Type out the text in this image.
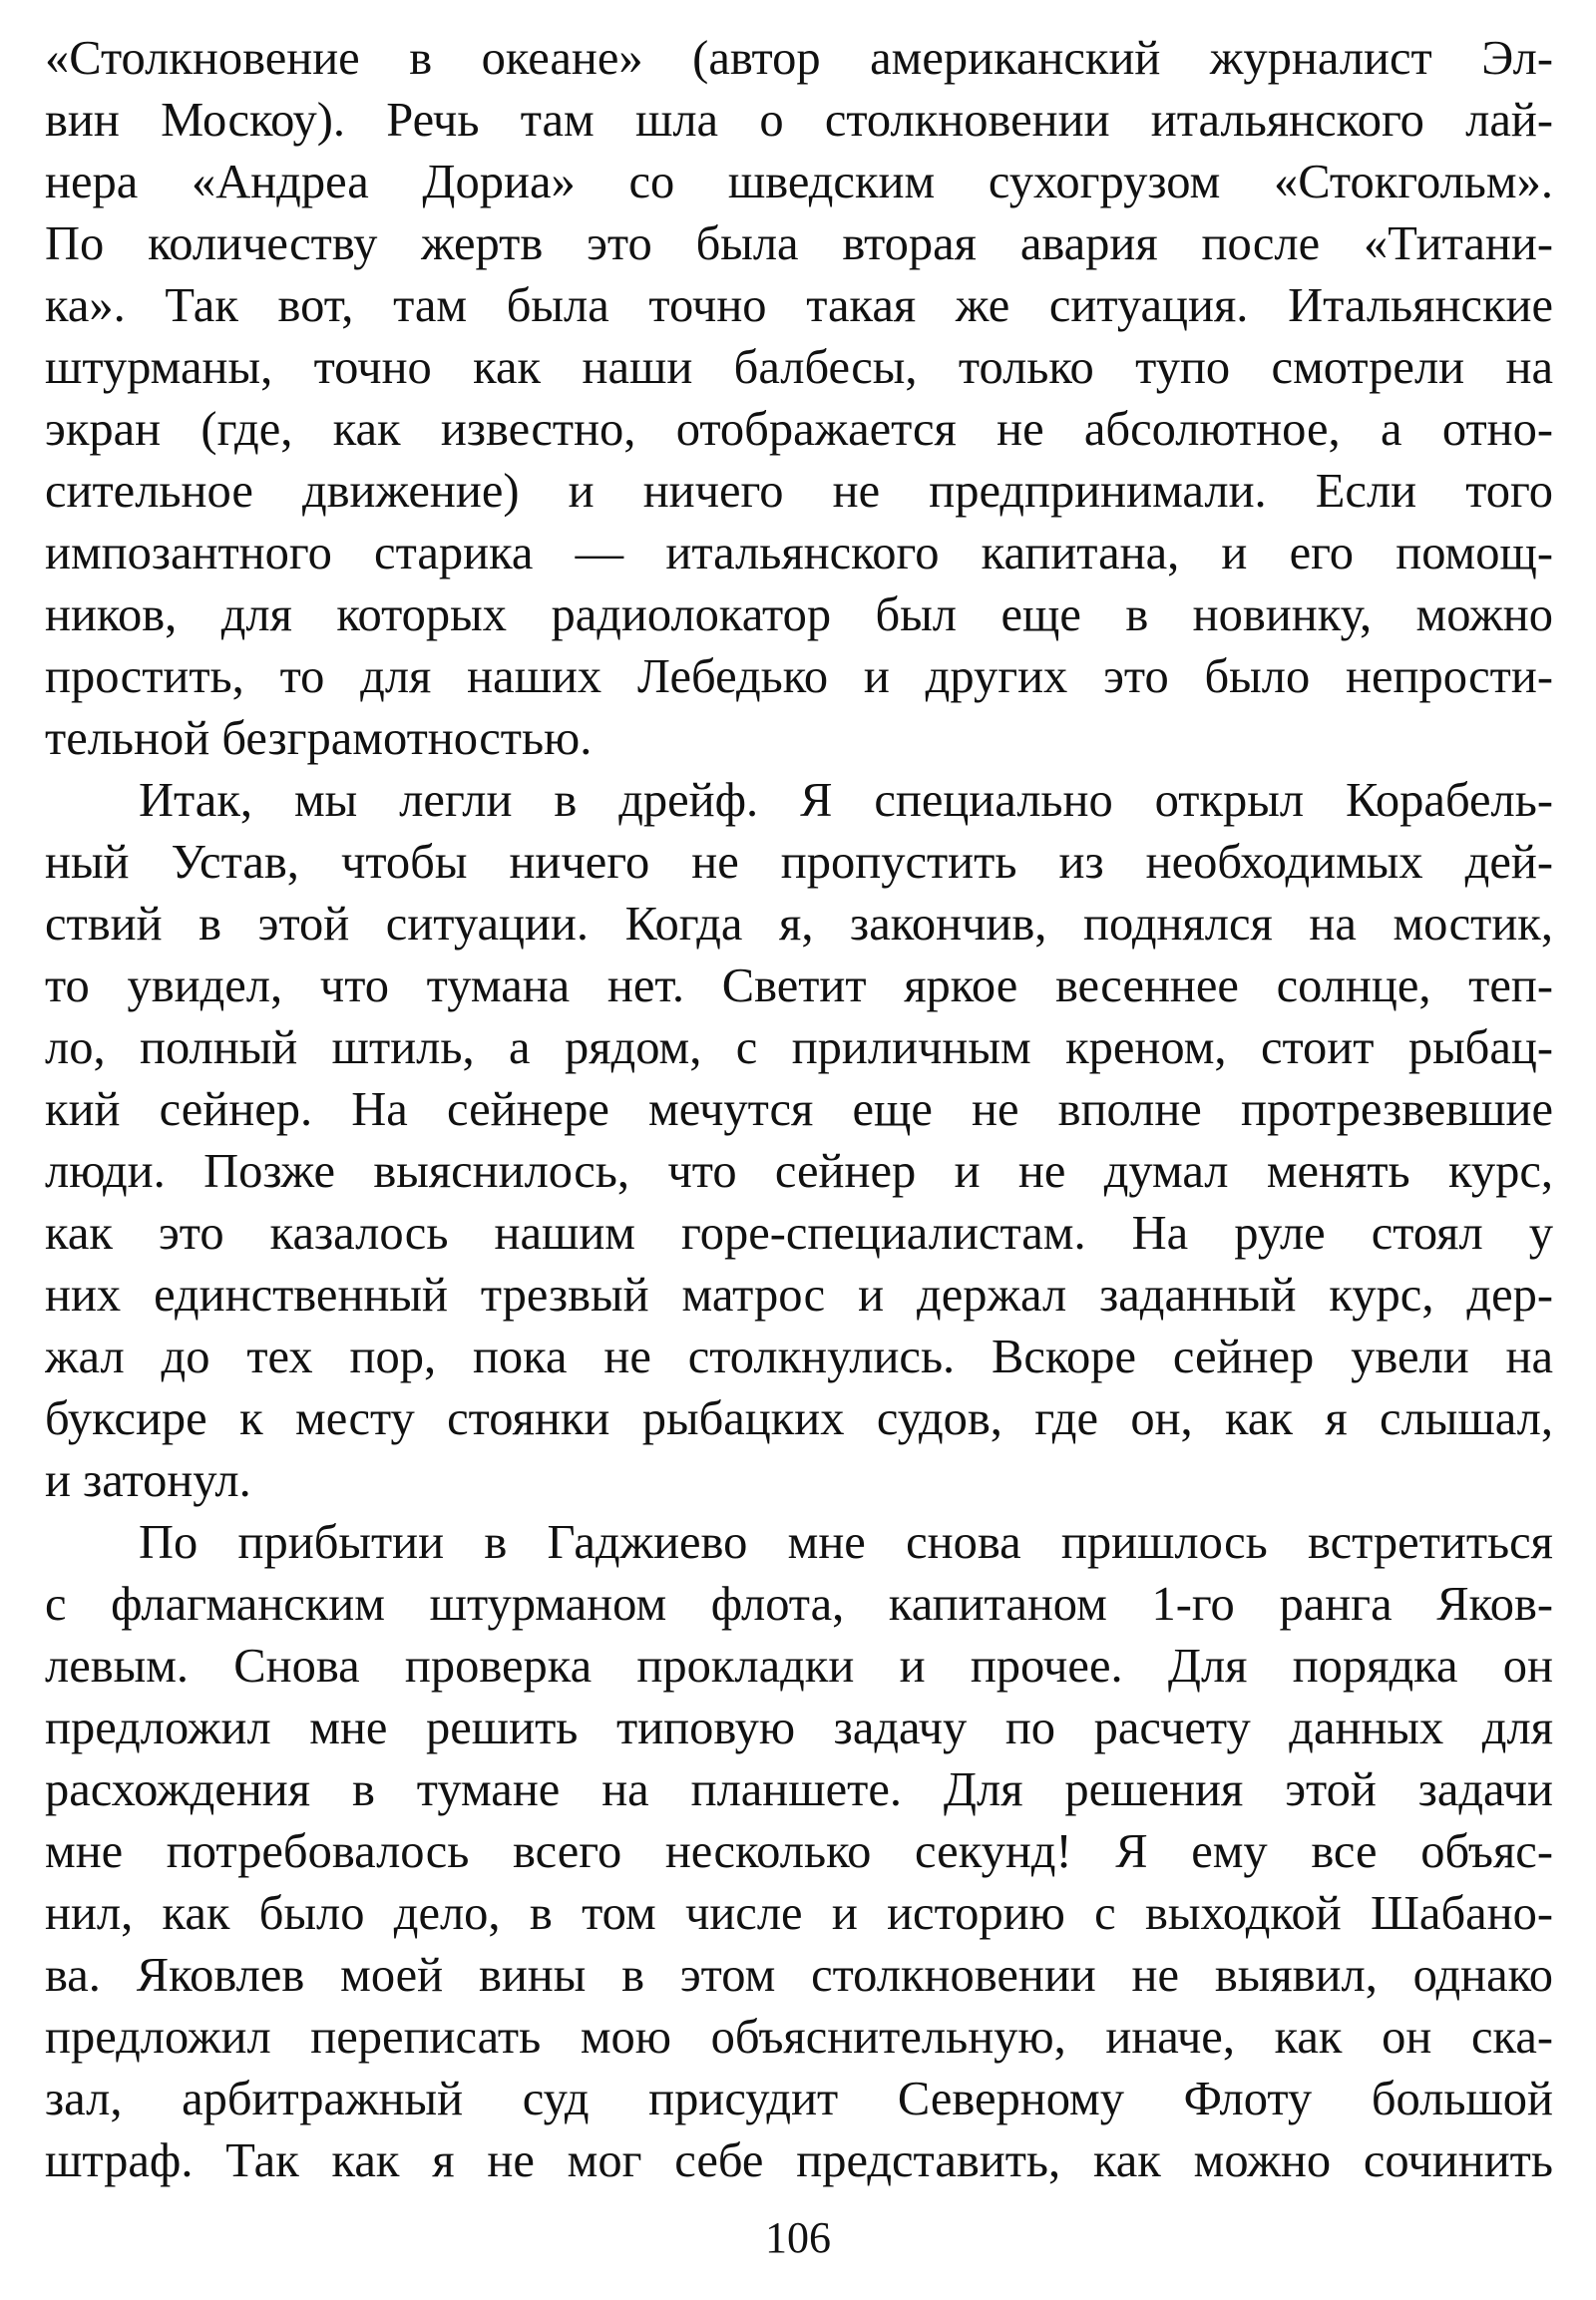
«Столкновение в океане» (автор американский журналист Эл-
вин Москоу). Речь там шла о столкновении итальянского лай-
нера «Андреа Дориа» со шведским сухогрузом «Стокгольм».
По количеству жертв это была вторая авария после «Титани-
ка». Так вот, там была точно такая же ситуация. Итальянские
штурманы, точно как наши балбесы, только тупо смотрели на
экран (где, как известно, отображается не абсолютное, а отно-
сительное движение) и ничего не предпринимали. Если того
импозантного старика — итальянского капитана, и его помощ-
ников, для которых радиолокатор был еще в новинку, можно
простить, то для наших Лебедько и других это было непрости-
тельной безграмотностью.
Итак, мы легли в дрейф. Я специально открыл Корабель-
ный Устав, чтобы ничего не пропустить из необходимых дей-
ствий в этой ситуации. Когда я, закончив, поднялся на мостик,
то увидел, что тумана нет. Светит яркое весеннее солнце, теп-
ло, полный штиль, а рядом, с приличным креном, стоит рыбац-
кий сейнер. На сейнере мечутся еще не вполне протрезвевшие
люди. Позже выяснилось, что сейнер и не думал менять курс,
как это казалось нашим горе-специалистам. На руле стоял у
них единственный трезвый матрос и держал заданный курс, дер-
жал до тех пор, пока не столкнулись. Вскоре сейнер увели на
буксире к месту стоянки рыбацких судов, где он, как я слышал,
и затонул.
По прибытии в Гаджиево мне снова пришлось встретиться
с флагманским штурманом флота, капитаном 1-го ранга Яков-
левым. Снова проверка прокладки и прочее. Для порядка он
предложил мне решить типовую задачу по расчету данных для
расхождения в тумане на планшете. Для решения этой задачи
мне потребовалось всего несколько секунд! Я ему все объяс-
нил, как было дело, в том числе и историю с выходкой Шабано-
ва. Яковлев моей вины в этом столкновении не выявил, однако
предложил переписать мою объяснительную, иначе, как он ска-
зал, арбитражный суд присудит Северному Флоту большой
штраф. Так как я не мог себе представить, как можно сочинить
106
